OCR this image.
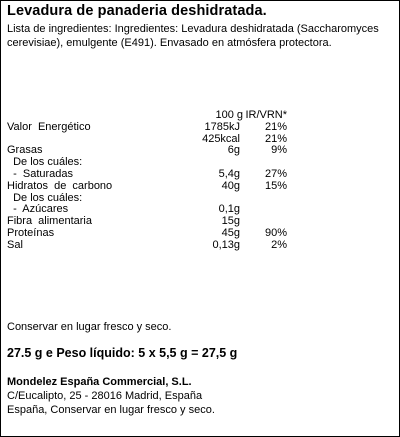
Levadura de panaderia deshidratada.
Lista de ingredientes: Ingredientes: Levadura deshidratada (Saccharomyces cerevisiae), emulgente (E491). Envasado en atmósfera protectora.
100 g IR/VRN*
Valor  Energético	1785kJ 21%
425kcal 21%
Grasas	6g	9%
De los cuáles:
-  Saturadas	5,4g 27%
Hidratos  de  carbono	40g 15%
De los cuáles:
-  Azúcares	0,1g
Fibra  alimentaria	15g
Proteínas	45g 90%
Sal	0,13g	2%
Conservar en lugar fresco y seco.
27.5 g e Peso líquido: 5 x 5,5 g = 27,5 g
Mondelez España Commercial, S.L.
C/Eucalipto, 25 - 28016 Madrid, España
España, Conservar en lugar fresco y seco.
